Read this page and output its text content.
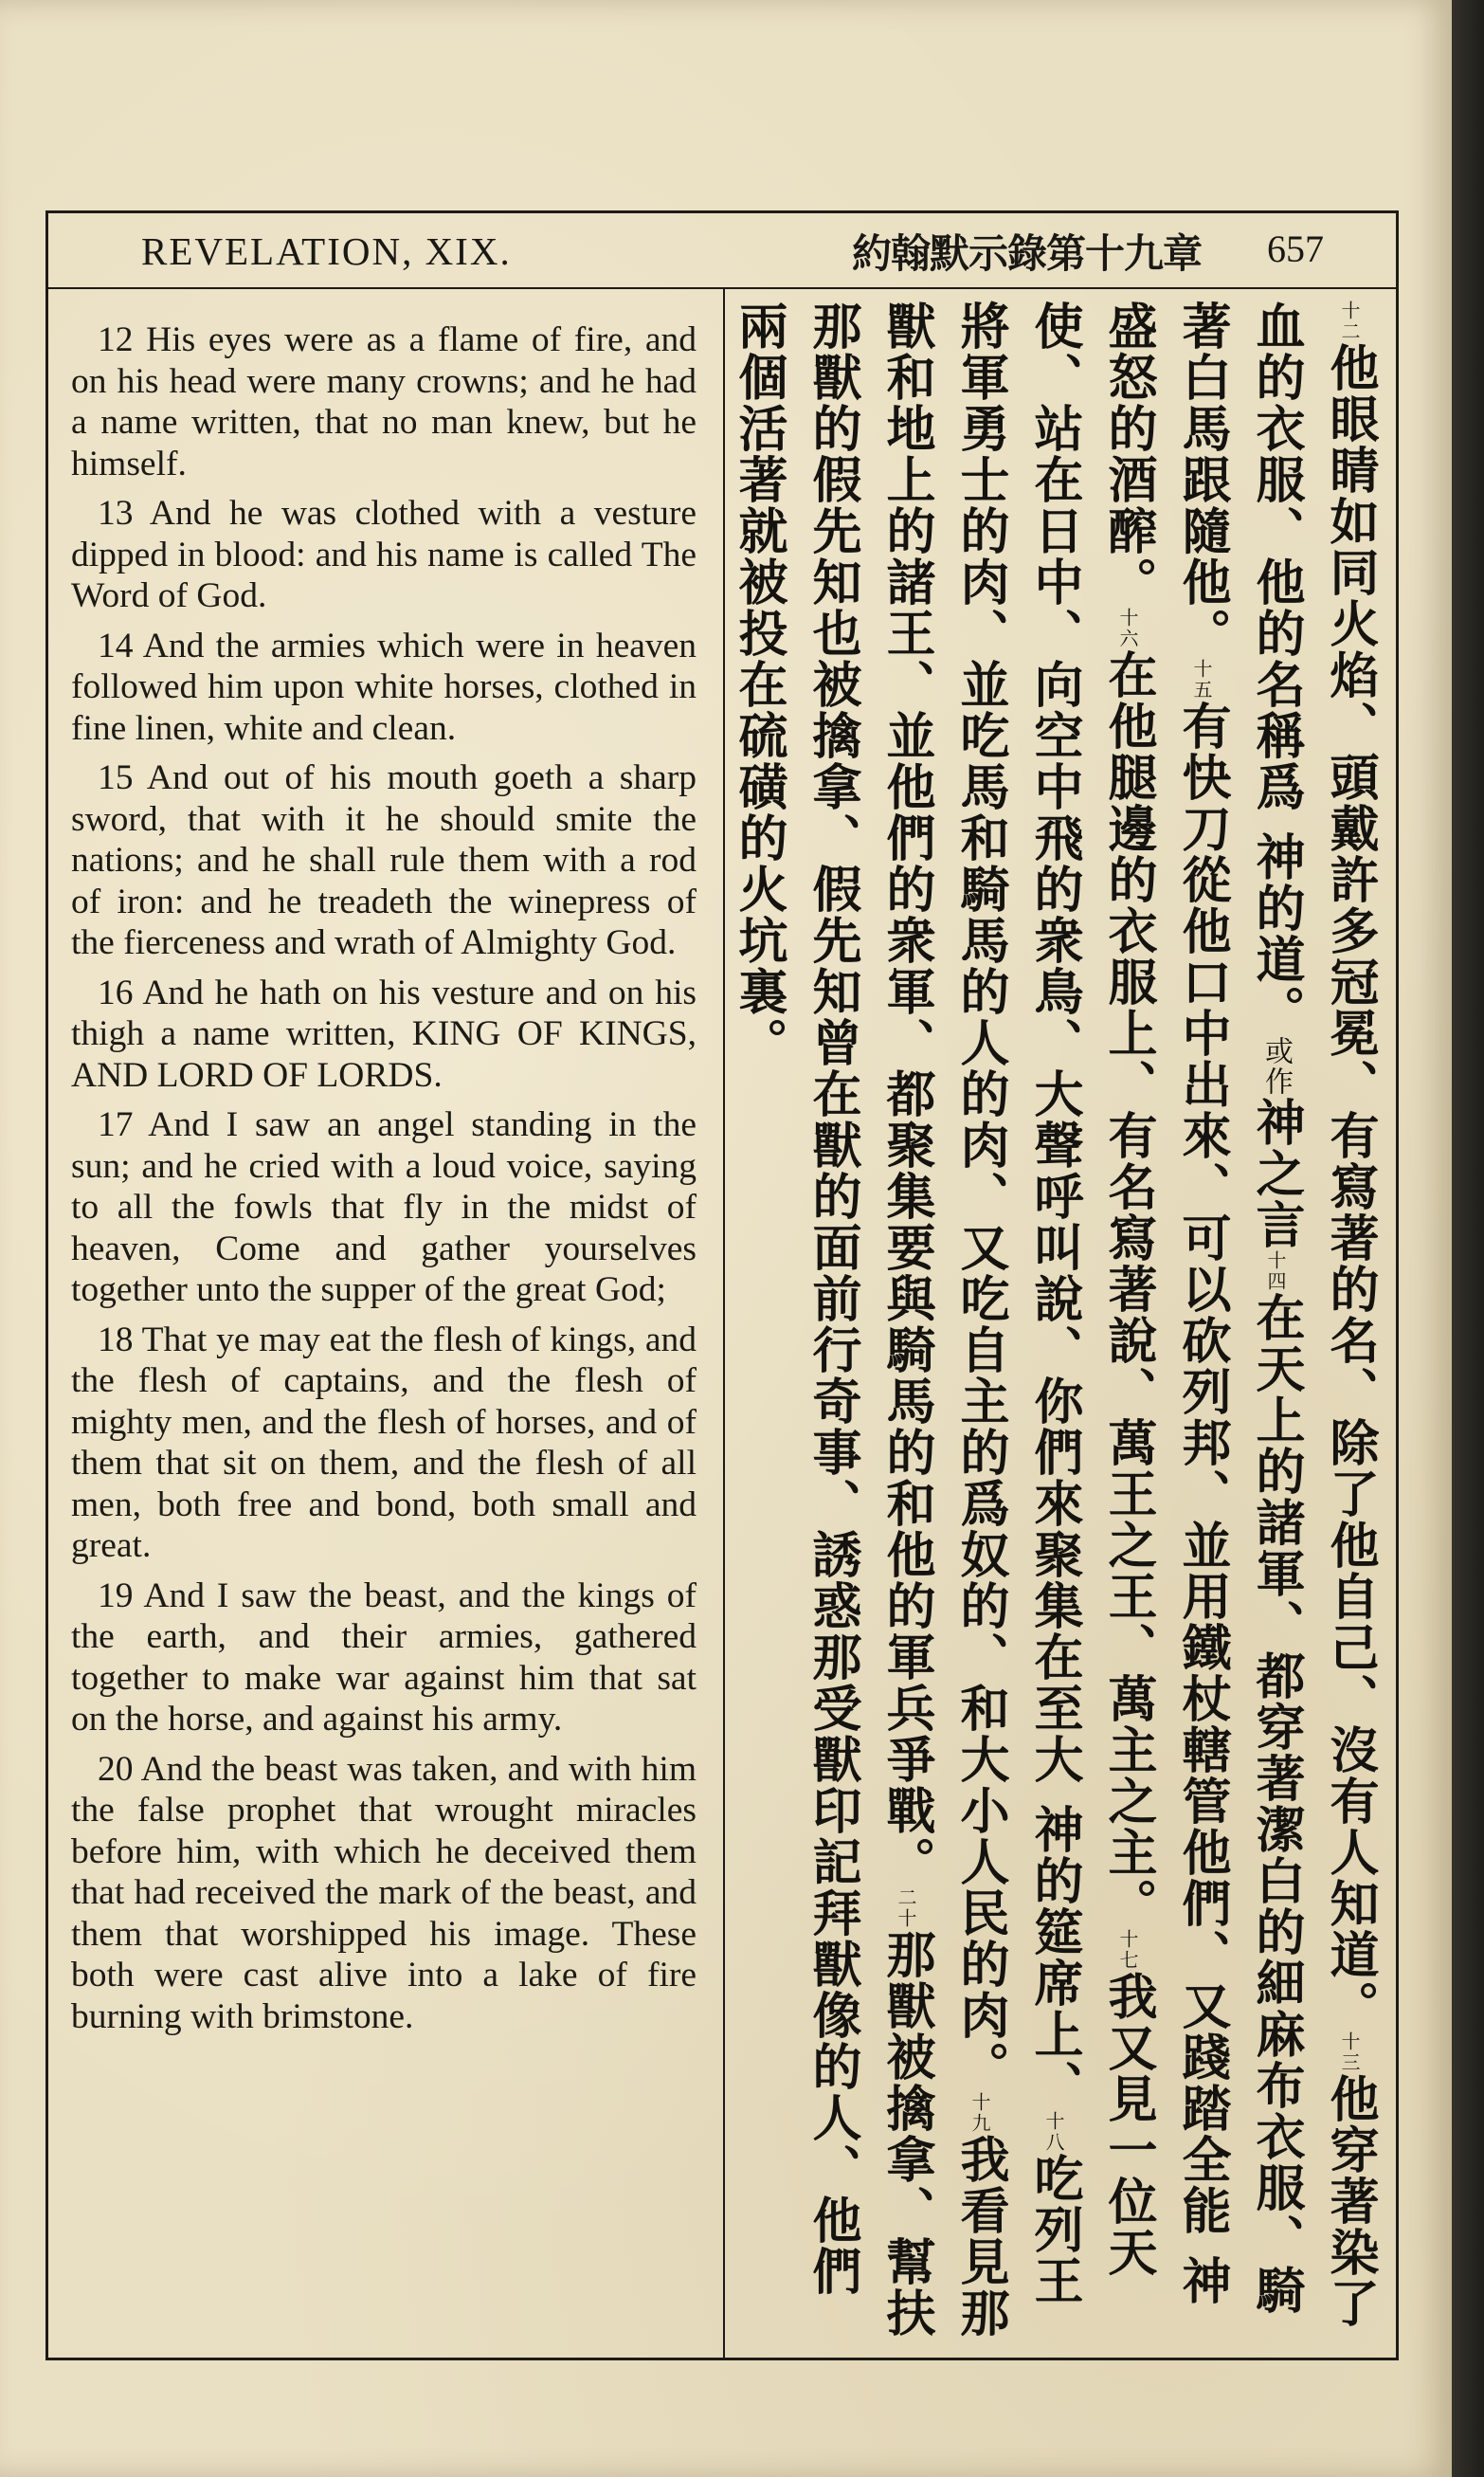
REVELATION, XIX.	約翰默示錄第十九章 657

12 His eyes were as a flame of fire, and on his head were many crowns; and he had a name written, that no man knew, but he himself.

13 And he was clothed with a vesture dipped in blood: and his name is called The Word of God.

14 And the armies which were in heaven followed him upon white horses, clothed in fine linen, white and clean.

15 And out of his mouth goeth a sharp sword, that with it he should smite the nations; and he shall rule them with a rod of iron: and he treadeth the winepress of the fierceness and wrath of Almighty God.

16 And he hath on his vesture and on his thigh a name written, KING OF KINGS, AND LORD OF LORDS.

17 And I saw an angel standing in the sun; and he cried with a loud voice, saying to all the fowls that fly in the midst of heaven, Come and gather yourselves together unto the supper of the great God;

18 That ye may eat the flesh of kings, and the flesh of captains, and the flesh of mighty men, and the flesh of horses, and of them that sit on them, and the flesh of all men, both free and bond, both small and great.

19 And I saw the beast, and the kings of the earth, and their armies, gathered together to make war against him that sat on the horse, and against his army.

20 And the beast was taken, and with him the false prophet that wrought miracles before him, with which he deceived them that had received the mark of the beast, and them that worshipped his image. These both were cast alive into a lake of fire burning with brimstone.

$^{十二}$他眼睛如同火焰、頭戴許多冠冕、有寫著的名、除了他自己、沒有人知道。$^{十三}$他穿著染了血的衣服、他的名稱爲 神的道。或作神之言$^{十四}$在天上的諸軍、都穿著潔白的細麻布衣服、騎著白馬跟隨他。$^{十五}$有快刀從他口中出來、可以砍列邦、並用鐵杖轄管他們、又踐踏全能 神盛怒的酒醡。$^{十六}$在他腿邊的衣服上、有名寫著說、萬王之王、萬主之主。$^{十七}$我又見一位天使、站在日中、向空中飛的衆鳥、大聲呼叫說、你們來聚集在至大 神的筵席上、$^{十八}$吃列王將軍勇士的肉、並吃馬和騎馬的人的肉、又吃自主的爲奴的、和大小人民的肉。$^{十九}$我看見那獸和地上的諸王、並他們的衆軍、都聚集要與騎馬的和他的軍兵爭戰。$^{二十}$那獸被擒拿、幫扶那獸的假先知也被擒拿、假先知曾在獸的面前行奇事、誘惑那受獸印記拜獸像的人、他們兩個活著就被投在硫磺的火坑裏。
